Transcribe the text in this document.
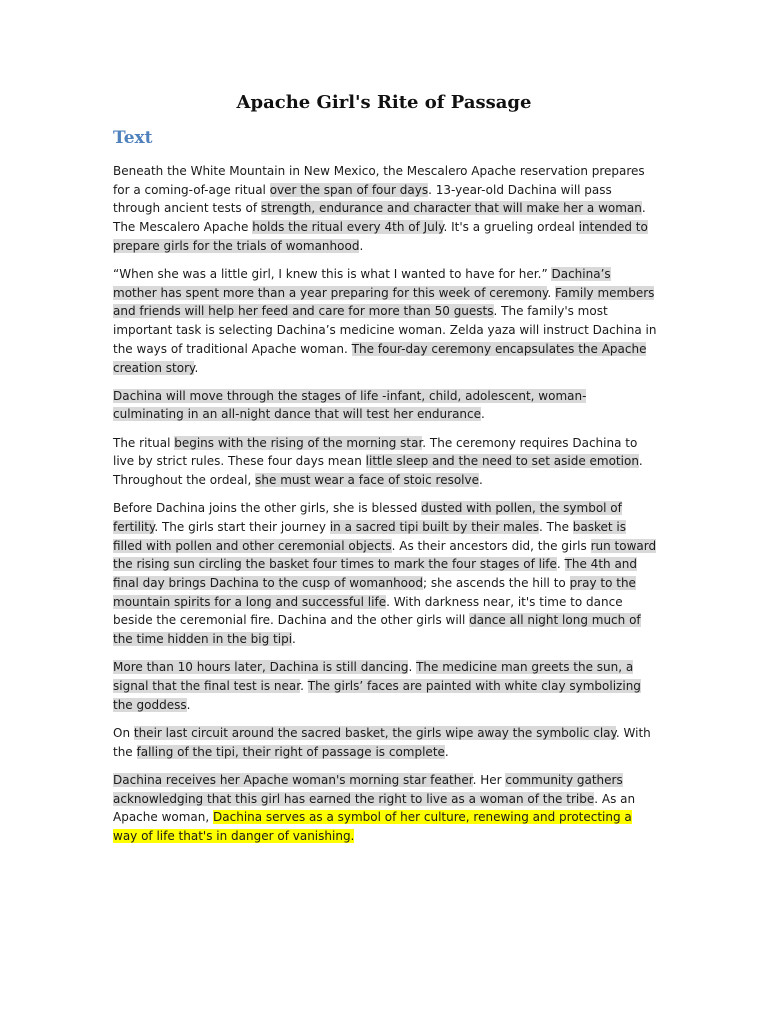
Apache Girl's Rite of Passage
Text

Beneath the White Mountain in New Mexico, the Mescalero Apache reservation prepares for a coming-of-age ritual over the span of four days. 13-year-old Dachina will pass through ancient tests of strength, endurance and character that will make her a woman. The Mescalero Apache holds the ritual every 4th of July. It's a grueling ordeal intended to prepare girls for the trials of womanhood.

“When she was a little girl, I knew this is what I wanted to have for her.” Dachina’s mother has spent more than a year preparing for this week of ceremony. Family members and friends will help her feed and care for more than 50 guests. The family's most important task is selecting Dachina’s medicine woman. Zelda yaza will instruct Dachina in the ways of traditional Apache woman. The four-day ceremony encapsulates the Apache creation story.

Dachina will move through the stages of life -infant, child, adolescent, woman- culminating in an all-night dance that will test her endurance.

The ritual begins with the rising of the morning star. The ceremony requires Dachina to live by strict rules. These four days mean little sleep and the need to set aside emotion. Throughout the ordeal, she must wear a face of stoic resolve.

Before Dachina joins the other girls, she is blessed dusted with pollen, the symbol of fertility. The girls start their journey in a sacred tipi built by their males. The basket is filled with pollen and other ceremonial objects. As their ancestors did, the girls run toward the rising sun circling the basket four times to mark the four stages of life. The 4th and final day brings Dachina to the cusp of womanhood; she ascends the hill to pray to the mountain spirits for a long and successful life. With darkness near, it's time to dance beside the ceremonial fire. Dachina and the other girls will dance all night long much of the time hidden in the big tipi.

More than 10 hours later, Dachina is still dancing. The medicine man greets the sun, a signal that the final test is near. The girls’ faces are painted with white clay symbolizing the goddess.

On their last circuit around the sacred basket, the girls wipe away the symbolic clay. With the falling of the tipi, their right of passage is complete.

Dachina receives her Apache woman's morning star feather. Her community gathers acknowledging that this girl has earned the right to live as a woman of the tribe. As an Apache woman, Dachina serves as a symbol of her culture, renewing and protecting a way of life that's in danger of vanishing.
